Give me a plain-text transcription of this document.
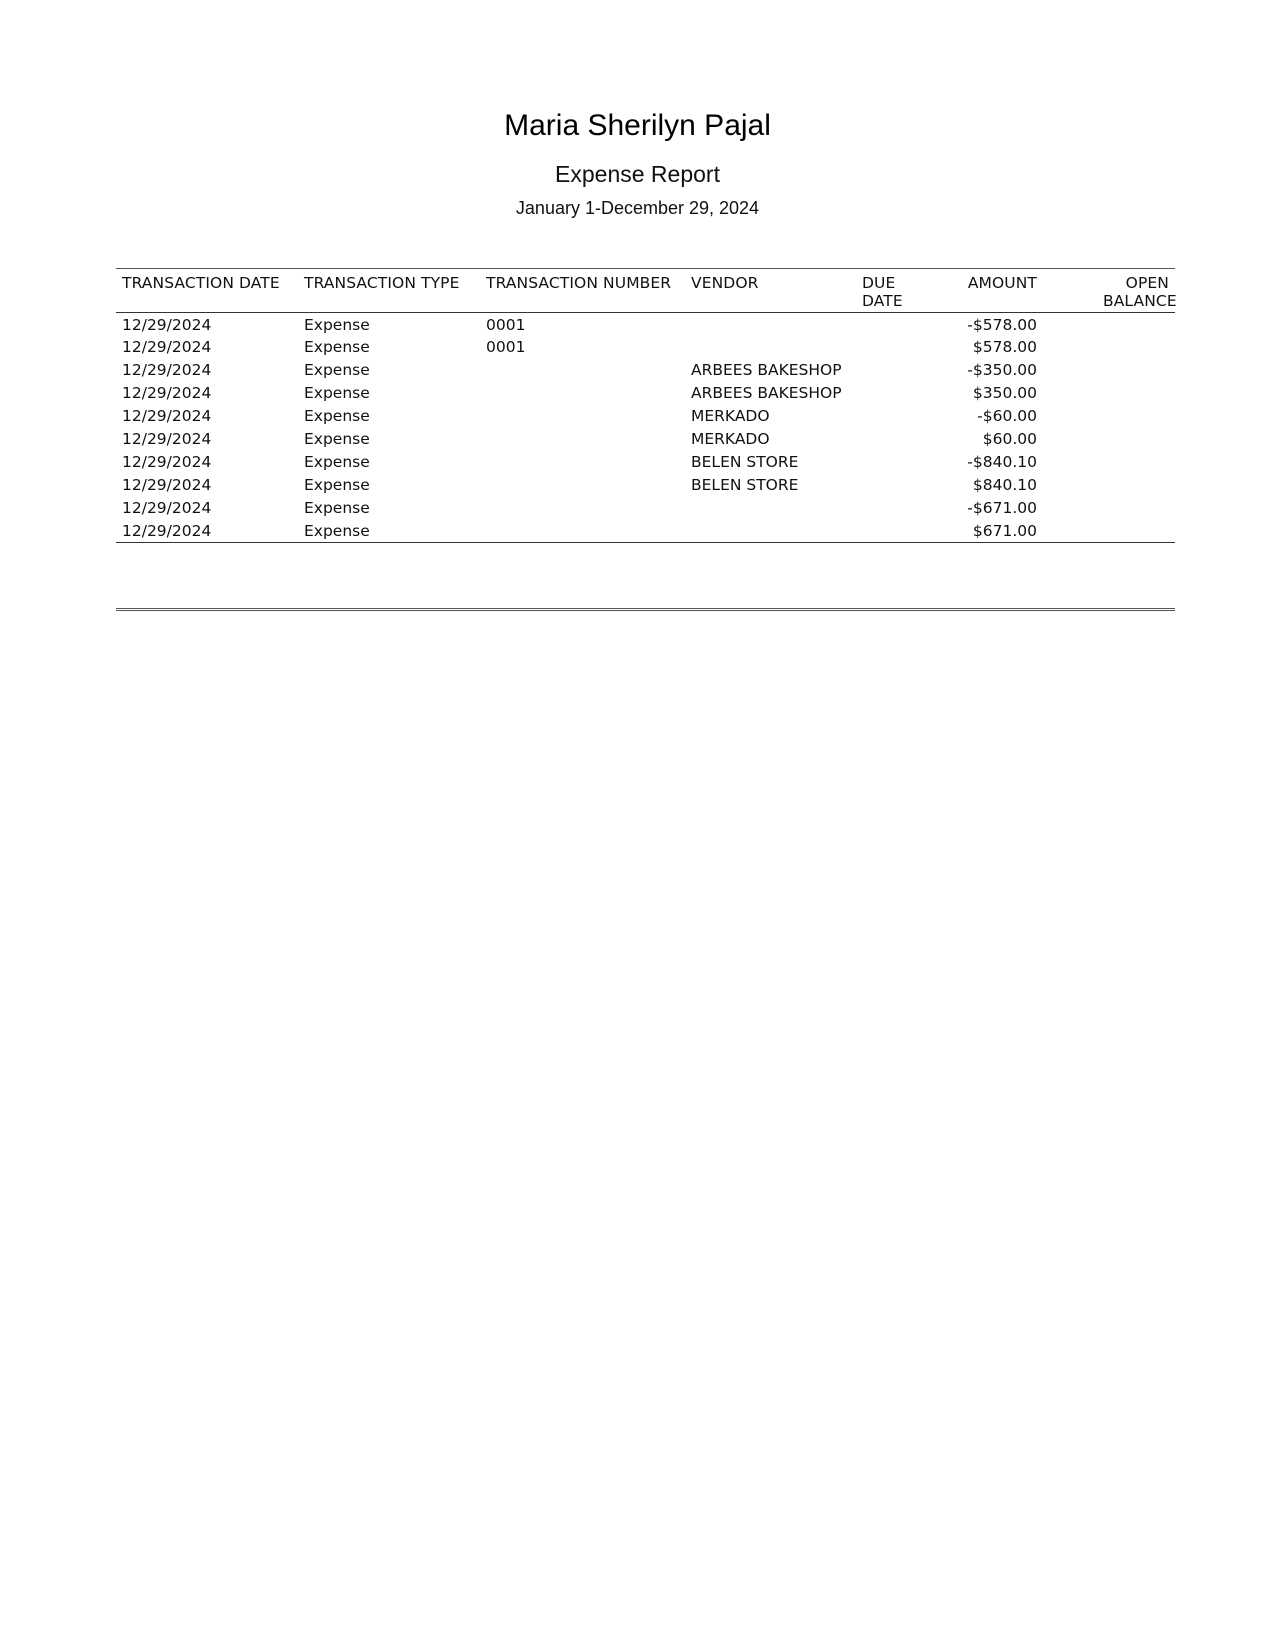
Maria Sherilyn Pajal
Expense Report
January 1-December 29, 2024
TRANSACTION DATE	TRANSACTION TYPE	TRANSACTION NUMBER	VENDOR	DUE DATE	AMOUNT	OPEN BALANCE
12/29/2024	Expense	0001			-$578.00	
12/29/2024	Expense	0001			$578.00	
12/29/2024	Expense		ARBEES BAKESHOP		-$350.00	
12/29/2024	Expense		ARBEES BAKESHOP		$350.00	
12/29/2024	Expense		MERKADO		-$60.00	
12/29/2024	Expense		MERKADO		$60.00	
12/29/2024	Expense		BELEN STORE		-$840.10	
12/29/2024	Expense		BELEN STORE		$840.10	
12/29/2024	Expense				-$671.00	
12/29/2024	Expense				$671.00	
